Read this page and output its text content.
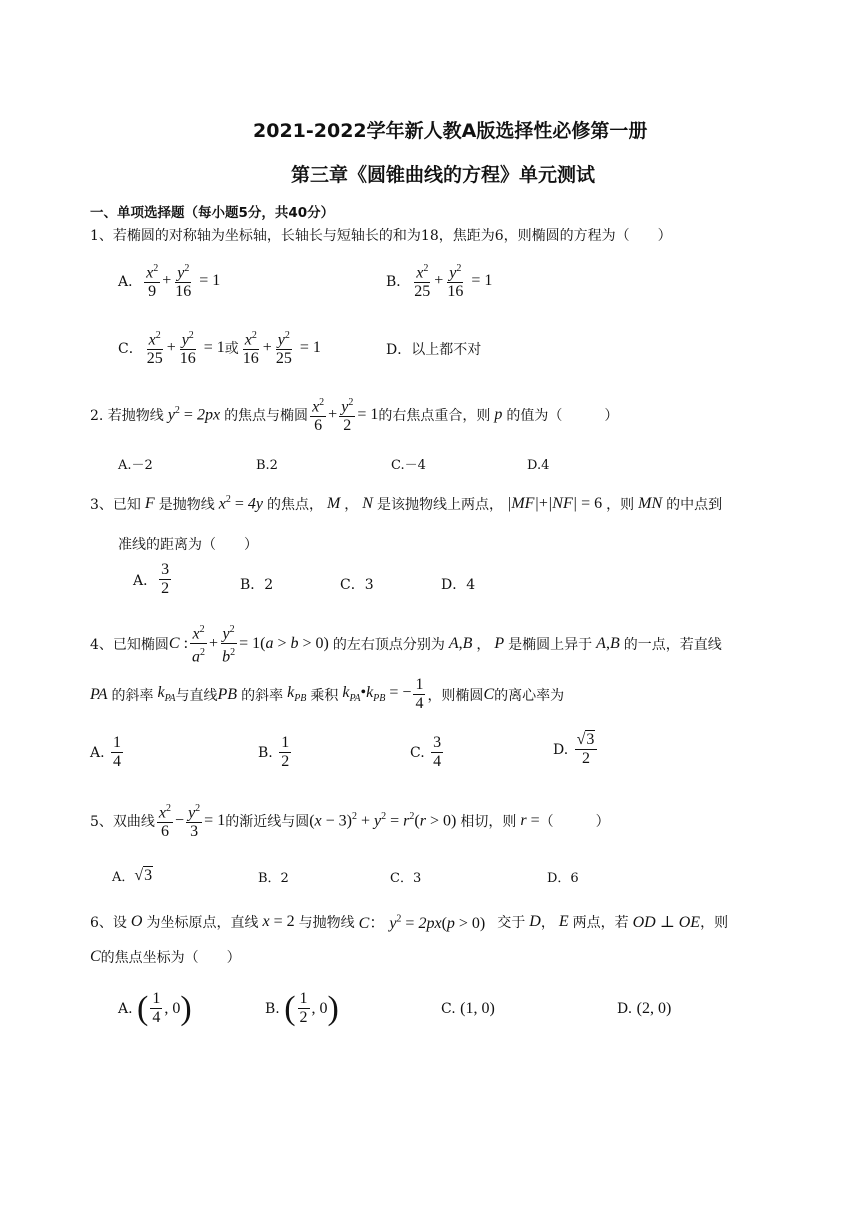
2021-2022学年新人教A版选择性必修第一册
第三章《圆锥曲线的方程》单元测试
一、单项选择题（每小题5分，共40分）
1、若椭圆的对称轴为坐标轴，长轴长与短轴长的和为18，焦距为6，则椭圆的方程为（　　）
A． $\frac{x^2}{9} + \frac{y^2}{16} = 1$	B． $\frac{x^2}{25} + \frac{y^2}{16} = 1$
C． $\frac{x^2}{25} + \frac{y^2}{16} = 1$ 或 $\frac{x^2}{16} + \frac{y^2}{25} = 1$	D． 以上都不对
2. 若抛物线 $y^2 = 2px$ 的焦点与椭圆 $\frac{x^2}{6} + \frac{y^2}{2} = 1$ 的右焦点重合，则 p 的值为（　　　）
A.－2	B.2	C.－4	D.4
3、已知 F 是抛物线 $x^2 = 4y$ 的焦点， M ， N 是该抛物线上两点， |MF|+|NF| = 6 ，则 MN 的中点到
准线的距离为（　　）
A． $\frac{3}{2}$	B．2	C．3	D．4
4、已知椭圆 C : $\frac{x^2}{a^2} + \frac{y^2}{b^2} = 1(a > b > 0)$ 的左右顶点分别为 A,B ， P 是椭圆上异于 A,B 的一点，若直线
PA 的斜率 $k_{PA}$ 与直线 PB 的斜率 $k_{PB}$ 乘积 $k_{PA}•k_{PB}$ = − $\frac{1}{4}$ ，则椭圆 C 的离心率为
A.
$\frac{1}{4}$	B.
$\frac{1}{2}$	C.
$\frac{3}{4}$	D.
$\frac{√3}{2}$
5、双曲线 $\frac{x^2}{6} - \frac{y^2}{3} = 1$ 的渐近线与圆 $(x - 3)^2 + y^2 = r^2(r > 0)$ 相切，则 r = （　　　）
A． √3	B．2	C．3	D．6
6、设 O 为坐标原点，直线 x = 2 与抛物线 C： $y^2 = 2px(p > 0)$ 交于 D ， E 两点，若 OD ⊥ OE ，则
C 的焦点坐标为（　　）
A.
( $\frac{1}{4}$ , 0 )	B.
( $\frac{1}{2}$ , 0 )	C.
(1, 0)	D.
(2, 0)
